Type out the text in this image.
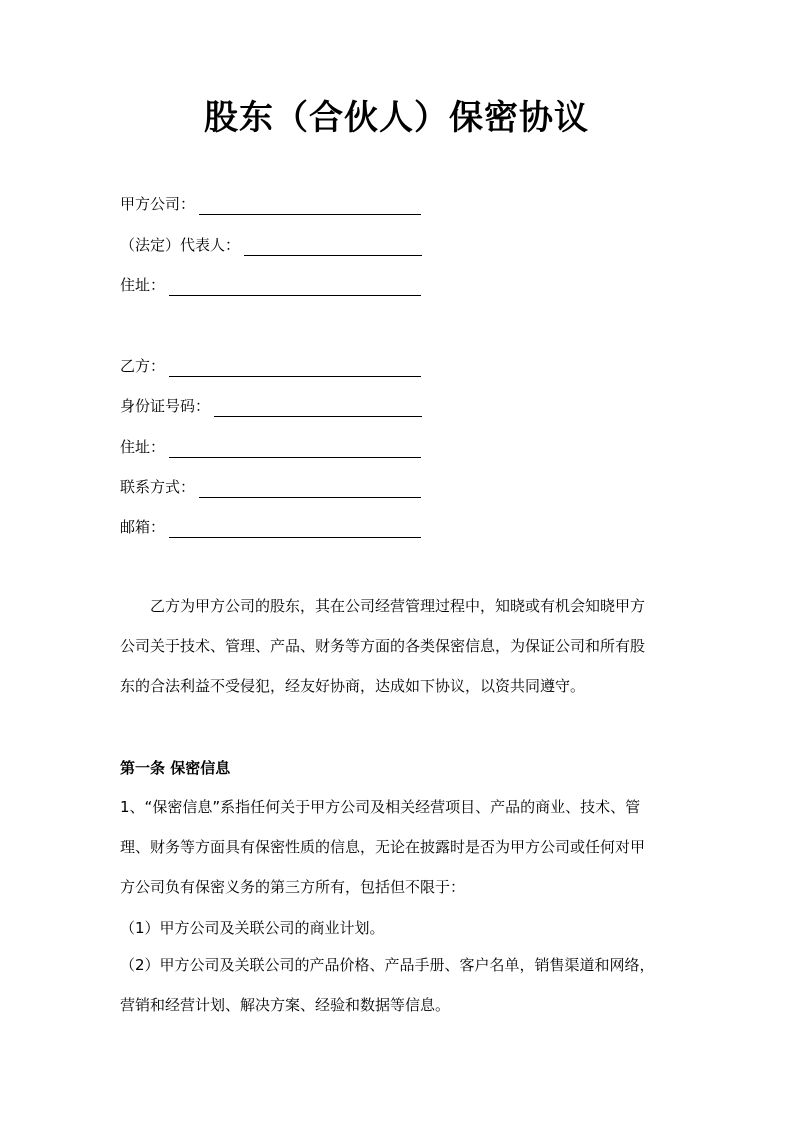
股东（合伙人）保密协议
甲方公司：
（法定）代表人：
住址：
乙方：
身份证号码：
住址：
联系方式：
邮箱：
乙方为甲方公司的股东，其在公司经营管理过程中，知晓或有机会知晓甲方
公司关于技术、管理、产品、财务等方面的各类保密信息，为保证公司和所有股
东的合法利益不受侵犯，经友好协商，达成如下协议，以资共同遵守。
第一条 保密信息
1、“保密信息”系指任何关于甲方公司及相关经营项目、产品的商业、技术、管
理、财务等方面具有保密性质的信息，无论在披露时是否为甲方公司或任何对甲
方公司负有保密义务的第三方所有，包括但不限于：
（1）甲方公司及关联公司的商业计划。
（2）甲方公司及关联公司的产品价格、产品手册、客户名单，销售渠道和网络，
营销和经营计划、解决方案、经验和数据等信息。
